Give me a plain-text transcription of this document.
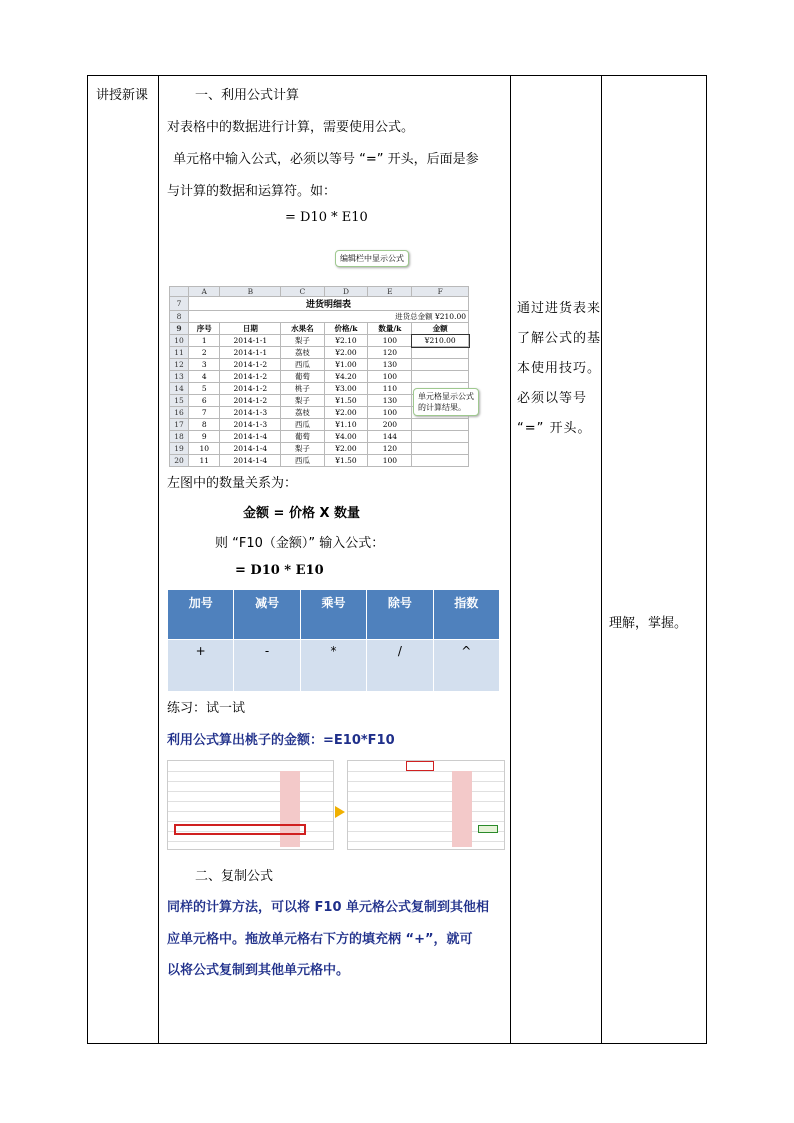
讲授新课	一、利用公式计算
对表格中的数据进行计算，需要使用公式。
单元格中输入公式，必须以等号 “=” 开头，后面是参
与计算的数据和运算符。如：
= D10 * E10
编辑栏中显示公式
	A	B	C	D	E	F
7	进货明细表					
8	进货总金额 ¥210.00					
9	序号	日期	水果名	价格/k	数量/k	金额
10	1	2014-1-1	梨子	¥2.10	100	¥210.00
11	2	2014-1-1	荔枝	¥2.00	120	
12	3	2014-1-2	西瓜	¥1.00	130	
13	4	2014-1-2	葡萄	¥4.20	100	
14	5	2014-1-2	桃子	¥3.00	110	
15	6	2014-1-2	梨子	¥1.50	130	
16	7	2014-1-3	荔枝	¥2.00	100	
17	8	2014-1-3	西瓜	¥1.10	200	
18	9	2014-1-4	葡萄	¥4.00	144	
19	10	2014-1-4	梨子	¥2.00	120	
20	11	2014-1-4	西瓜	¥1.50	100	
单元格显示公式
的计算结果。
左图中的数量关系为：
金额 = 价格 X 数量
则 “F10（金额）” 输入公式：
= D10 * E10
加号	减号	乘号	除号	指数
+	-	*	/	^
练习：试一试
利用公式算出桃子的金额：=E10*F10
二、复制公式
同样的计算方法，可以将 F10 单元格公式复制到其他相
应单元格中。拖放单元格右下方的填充柄 “+”，就可
以将公式复制到其他单元格中。
通过进货表来了解公式的基本使用技巧。必须以等号 “=” 开头。
理解，掌握。
